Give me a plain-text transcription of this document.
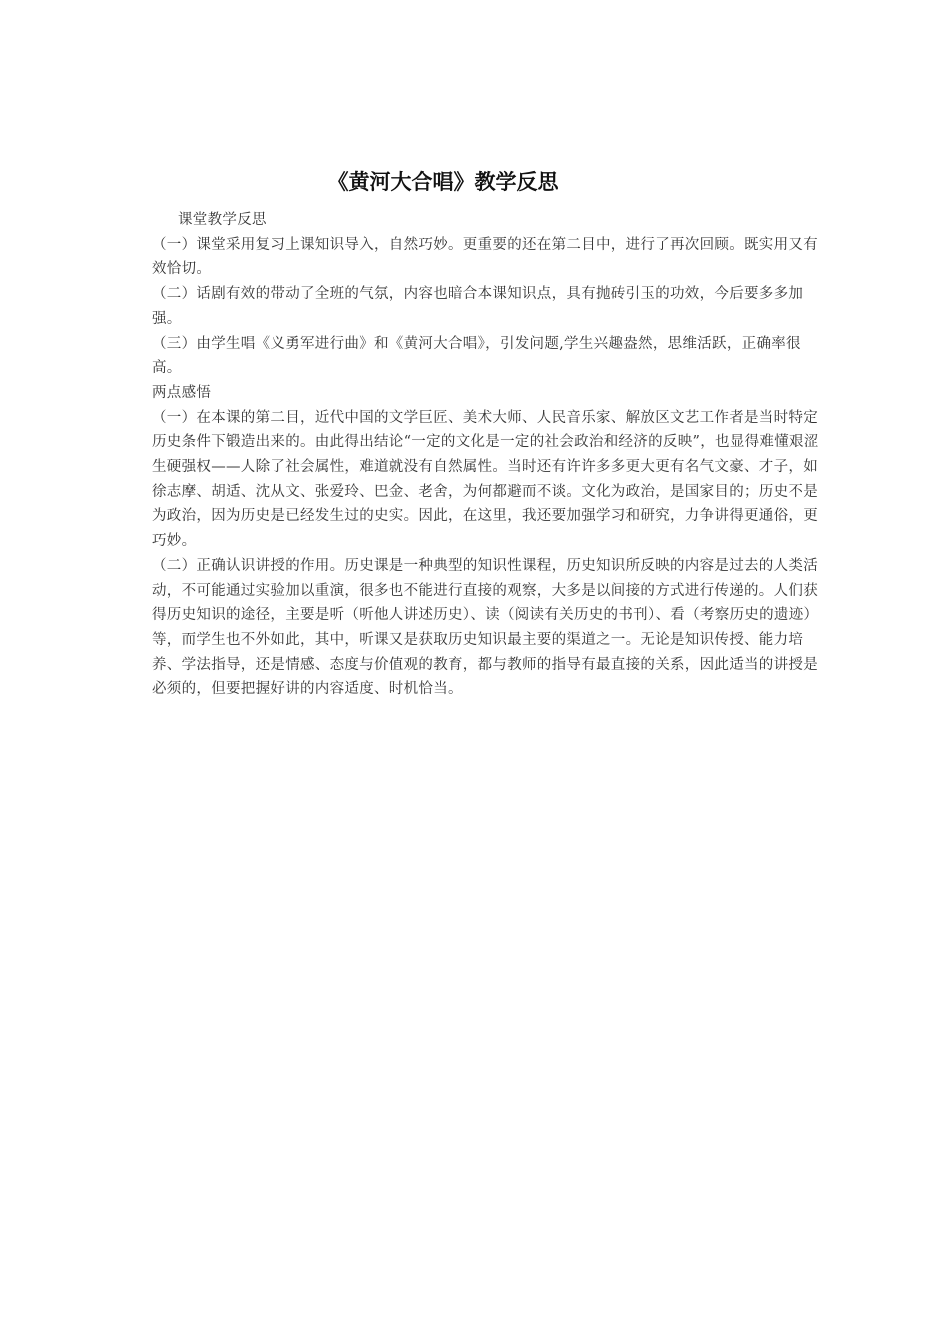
《黄河大合唱》教学反思

课堂教学反思

（一）课堂采用复习上课知识导入，自然巧妙。更重要的还在第二目中，进行了再次回顾。既实用又有效恰切。

（二）话剧有效的带动了全班的气氛，内容也暗合本课知识点，具有抛砖引玉的功效，今后要多多加强。

（三）由学生唱《义勇军进行曲》和《黄河大合唱》，引发问题,学生兴趣盎然，思维活跃，正确率很高。

两点感悟

（一）在本课的第二目，近代中国的文学巨匠、美术大师、人民音乐家、解放区文艺工作者是当时特定历史条件下锻造出来的。由此得出结论“一定的文化是一定的社会政治和经济的反映”，也显得难懂艰涩生硬强权——人除了社会属性，难道就没有自然属性。当时还有许许多多更大更有名气文豪、才子，如徐志摩、胡适、沈从文、张爱玲、巴金、老舍，为何都避而不谈。文化为政治，是国家目的；历史不是为政治，因为历史是已经发生过的史实。因此，在这里，我还要加强学习和研究，力争讲得更通俗，更巧妙。

（二）正确认识讲授的作用。历史课是一种典型的知识性课程，历史知识所反映的内容是过去的人类活动，不可能通过实验加以重演，很多也不能进行直接的观察，大多是以间接的方式进行传递的。人们获得历史知识的途径，主要是听（听他人讲述历史）、读（阅读有关历史的书刊）、看（考察历史的遗迹）等，而学生也不外如此，其中，听课又是获取历史知识最主要的渠道之一。无论是知识传授、能力培养、学法指导，还是情感、态度与价值观的教育，都与教师的指导有最直接的关系，因此适当的讲授是必须的，但要把握好讲的内容适度、时机恰当。
